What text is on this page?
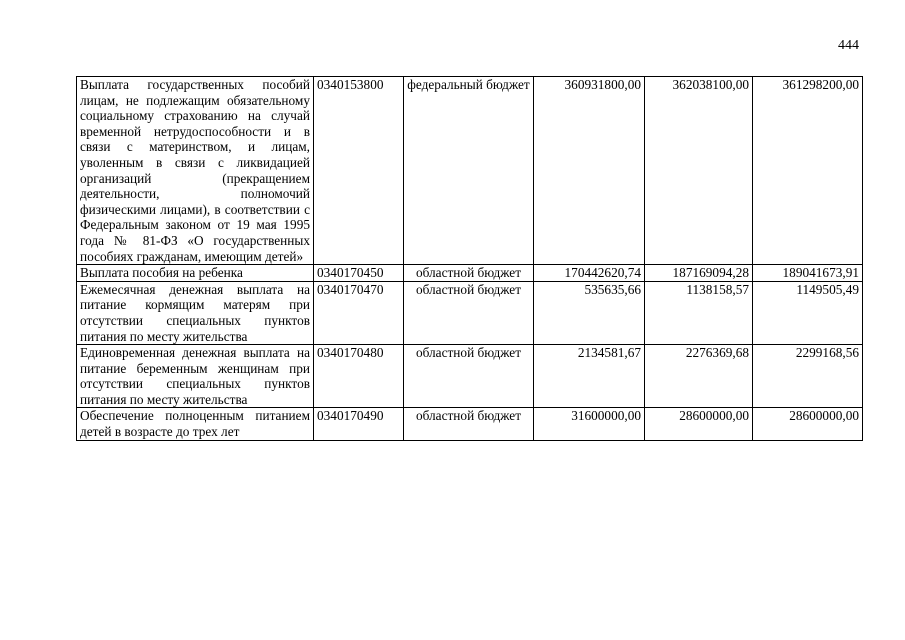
444
Выплата государственных пособий лицам, не подлежащим обязательному социальному страхованию на случай временной нетрудоспособности и в связи с материнством, и лицам, уволенным в связи с ликвидацией организаций (прекращением деятельности, полномочий физическими лицами), в соответствии с Федеральным законом от 19 мая 1995 года № 81-ФЗ «О государственных пособиях гражданам, имеющим детей»	0340153800	федеральный бюджет	360931800,00	362038100,00	361298200,00
Выплата пособия на ребенка	0340170450	областной бюджет	170442620,74	187169094,28	189041673,91
Ежемесячная денежная выплата на питание кормящим матерям при отсутствии специальных пунктов питания по месту жительства	0340170470	областной бюджет	535635,66	1138158,57	1149505,49
Единовременная денежная выплата на питание беременным женщинам при отсутствии специальных пунктов питания по месту жительства	0340170480	областной бюджет	2134581,67	2276369,68	2299168,56
Обеспечение полноценным питанием детей в возрасте до трех лет	0340170490	областной бюджет	31600000,00	28600000,00	28600000,00
